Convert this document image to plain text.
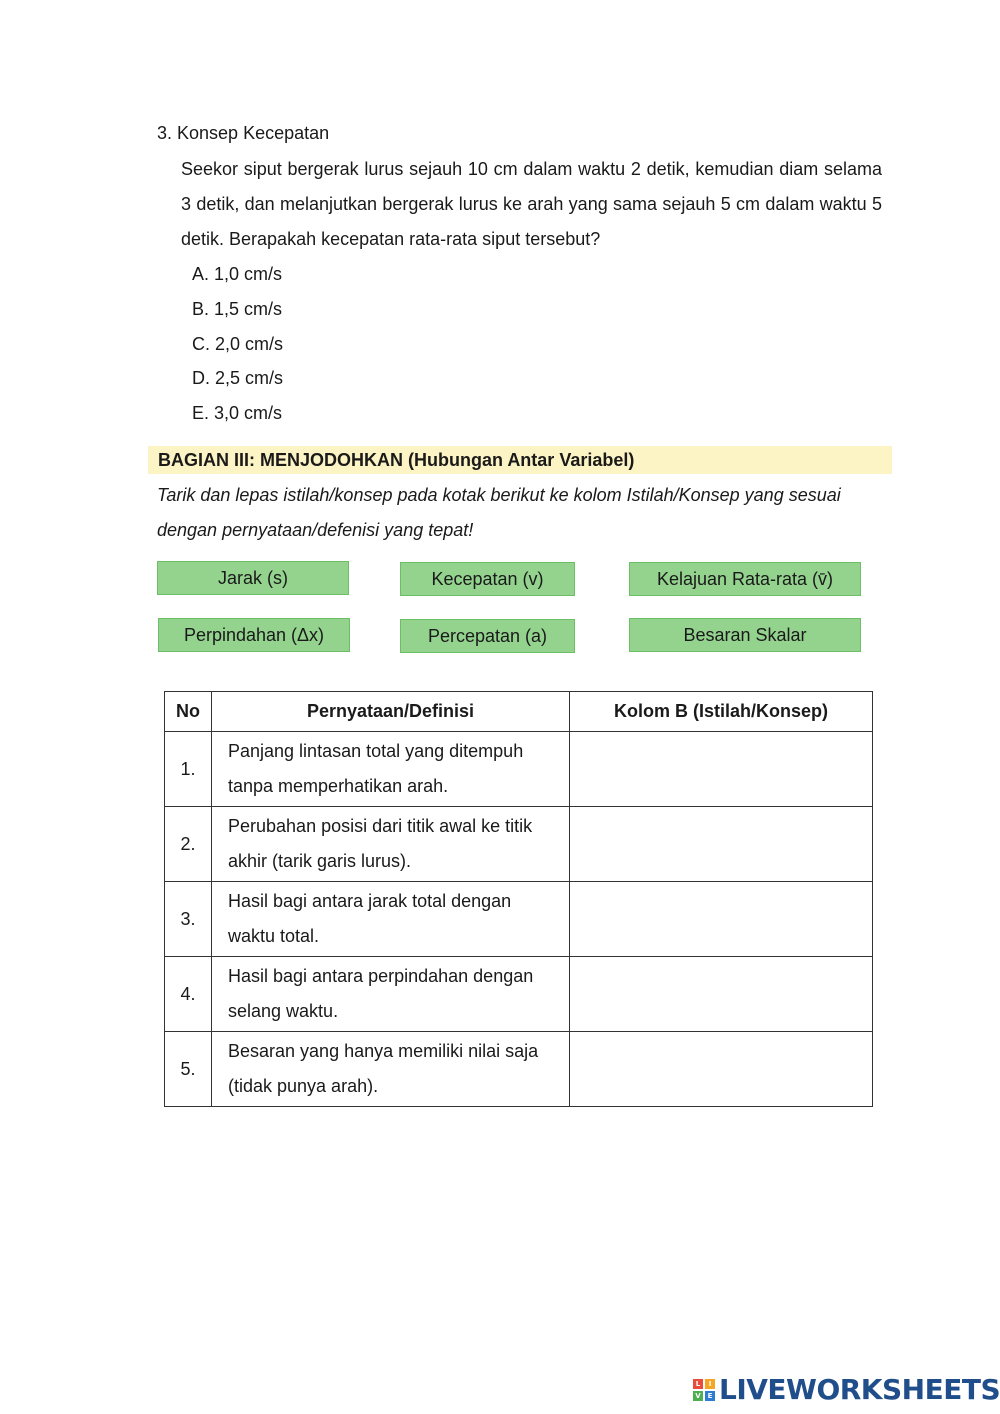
3. Konsep Kecepatan

Seekor siput bergerak lurus sejauh 10 cm dalam waktu 2 detik, kemudian diam selama 3 detik, dan melanjutkan bergerak lurus ke arah yang sama sejauh 5 cm dalam waktu 5 detik. Berapakah kecepatan rata-rata siput tersebut?

A. 1,0 cm/s
B. 1,5 cm/s
C. 2,0 cm/s
D. 2,5 cm/s
E. 3,0 cm/s
BAGIAN III: MENJODOHKAN (Hubungan Antar Variabel)

Tarik dan lepas istilah/konsep pada kotak berikut ke kolom Istilah/Konsep yang sesuai dengan pernyataan/defenisi yang tepat!

Jarak (s)	Kecepatan (v)	Kelajuan Rata-rata (v̄)
Perpindahan (Δx)	Percepatan (a)	Besaran Skalar
No	Pernyataan/Definisi	Kolom B (Istilah/Konsep)
1.	Panjang lintasan total yang ditempuh tanpa memperhatikan arah.	

2.	Perubahan posisi dari titik awal ke titik akhir (tarik garis lurus).	

3.	Hasil bagi antara jarak total dengan waktu total.	

4.	Hasil bagi antara perpindahan dengan selang waktu.	

5.	Besaran yang hanya memiliki nilai saja (tidak punya arah).	
L	I
V E LIVEWORKSHEETS
